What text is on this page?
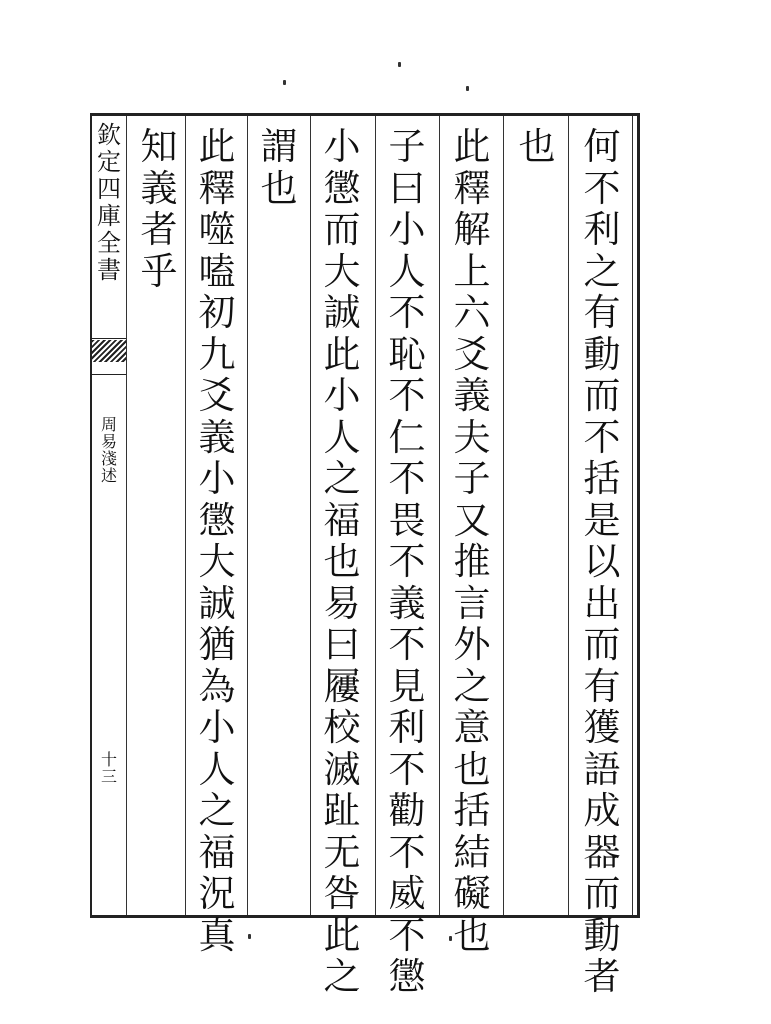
欽
定
四
庫
全
書
周
易
淺
述
十
三
何
不
利
之
有
動
而
不
括
是
以
出
而
有
獲
語
成
器
而
動
者
也
此
釋
解
上
六
爻
義
夫
子
又
推
言
外
之
意
也
括
結
礙
也
子
曰
小
人
不
恥
不
仁
不
畏
不
義
不
見
利
不
勸
不
威
不
懲
小
懲
而
大
誠
此
小
人
之
福
也
易
曰
屨
校
滅
趾
无
咎
此
之
謂
也
此
釋
噬
嗑
初
九
爻
義
小
懲
大
誠
猶
為
小
人
之
福
況
真
知
義
者
乎
